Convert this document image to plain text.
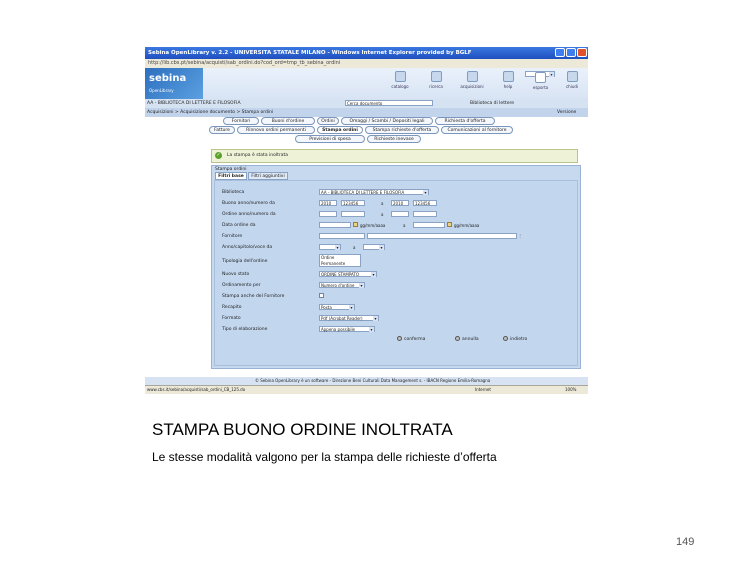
Sebina OpenLibrary v. 2.2 - UNIVERSITA STATALE MILANO - Windows Internet Explorer provided by BGLF
http://lib.cbs.pt/sebina/acquisti/sab_ordini.do?cod_ord=tmp_tb_sebina_ordini
sebina
OpenLibrary
catalogo	ricerca	acquisizioni	help	esporta ▾	chiudi
AA - BIBLIOTECA DI LETTERE E FILOSOFIA	Cerca documento	Biblioteca di lettere
Acquisizioni > Acquisizione documento > Stampa ordini	Versione
Fornitori	Buoni d'ordine	Ordini	Omaggi / Scambi / Depositi legali	Richiesta d'offerta
Fatture	Rinnovo ordini permanenti	Stampa ordini	Stampa richieste d'offerta	Comunicazioni al fornitore
Previsioni di spesa	Richieste inevase
✓	La stampa è stata inoltrata
Stampa ordini
Filtri base	Filtri aggiuntivi
Biblioteca	AA - BIBLIOTECA DI LETTERE E FILOSOFIA ▾
Buono anno/numero da	2010	123456	a	2010	123456
Ordine anno/numero da	a
Data ordine da	gg/mm/aaaa	a	gg/mm/aaaa
Fornitore	⋮
Anno/capitolo/voce da
▾	a
▾
Tipologia dell'ordine
Ordine
Permanente
Nuovo stato	ORDINE STAMPATO ▾
Ordinamento per	Numero d'ordine ▾
Stampa anche del Fornitore
Recapito	Posta ▾
Formato	Pdf (Acrobat Reader) ▾
Tipo di elaborazione	Appena possibile ▾
conferma	annulla	indietro
© Sebina OpenLibrary è un software - Direzione Beni Culturali Data Management s. - IBACN Regione Emilia-Romagna
www.cbs.it/sebina/acquisti/sab_ordini_CB_125.do	Internet	100%
STAMPA BUONO ORDINE INOLTRATA
Le stesse modalità valgono per la stampa delle richieste d’offerta
149
